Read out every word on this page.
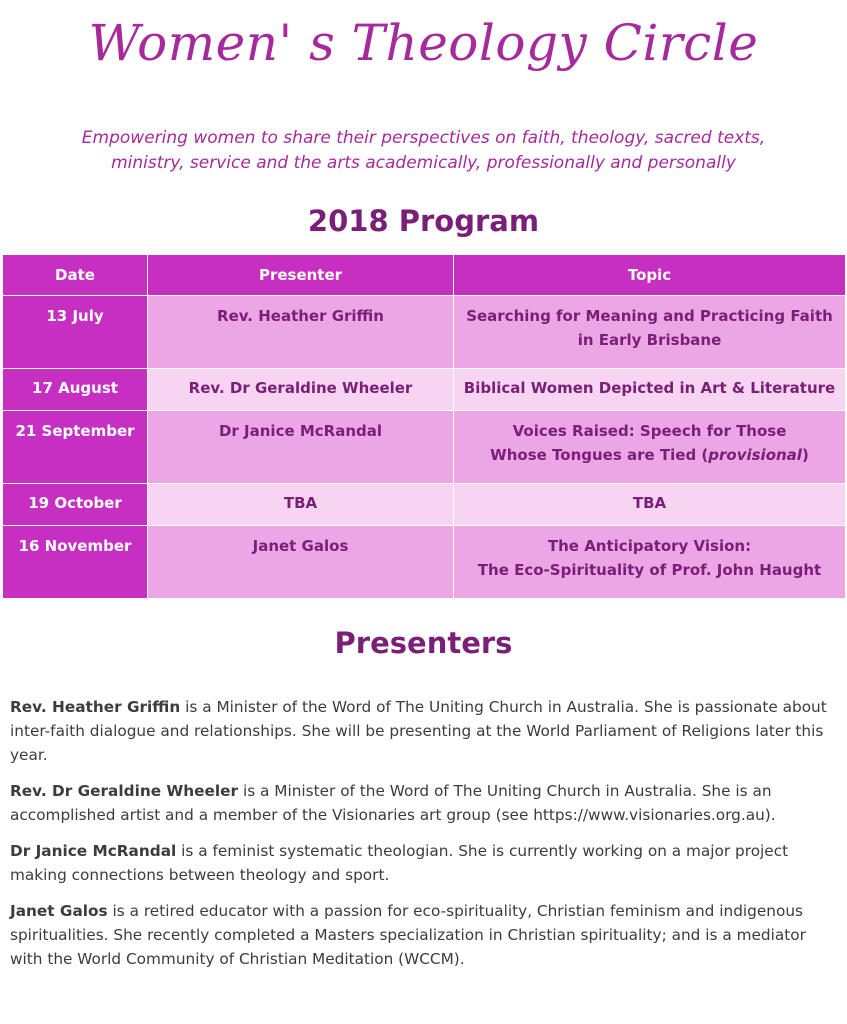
Women' s Theology Circle
Empowering women to share their perspectives on faith, theology, sacred texts,
ministry, service and the arts academically, professionally and personally
2018 Program
Date	Presenter	Topic
13 July	Rev. Heather Griffin	Searching for Meaning and Practicing Faith
in Early Brisbane

17 August	Rev. Dr Geraldine Wheeler	Biblical Women Depicted in Art & Literature

21 September	Dr Janice McRandal	Voices Raised: Speech for Those
Whose Tongues are Tied (provisional)

19 October	TBA	TBA

16 November	Janet Galos	The Anticipatory Vision:
The Eco-Spirituality of Prof. John Haught
Presenters

Rev. Heather Griffin is a Minister of the Word of The Uniting Church in Australia. She is passionate about inter-faith dialogue and relationships. She will be presenting at the World Parliament of Religions later this year.

Rev. Dr Geraldine Wheeler is a Minister of the Word of The Uniting Church in Australia. She is an accomplished artist and a member of the Visionaries art group (see https://www.visionaries.org.au).

Dr Janice McRandal is a feminist systematic theologian. She is currently working on a major project making connections between theology and sport.

Janet Galos is a retired educator with a passion for eco-spirituality, Christian feminism and indigenous spiritualities. She recently completed a Masters specialization in Christian spirituality; and is a mediator with the World Community of Christian Meditation (WCCM).
